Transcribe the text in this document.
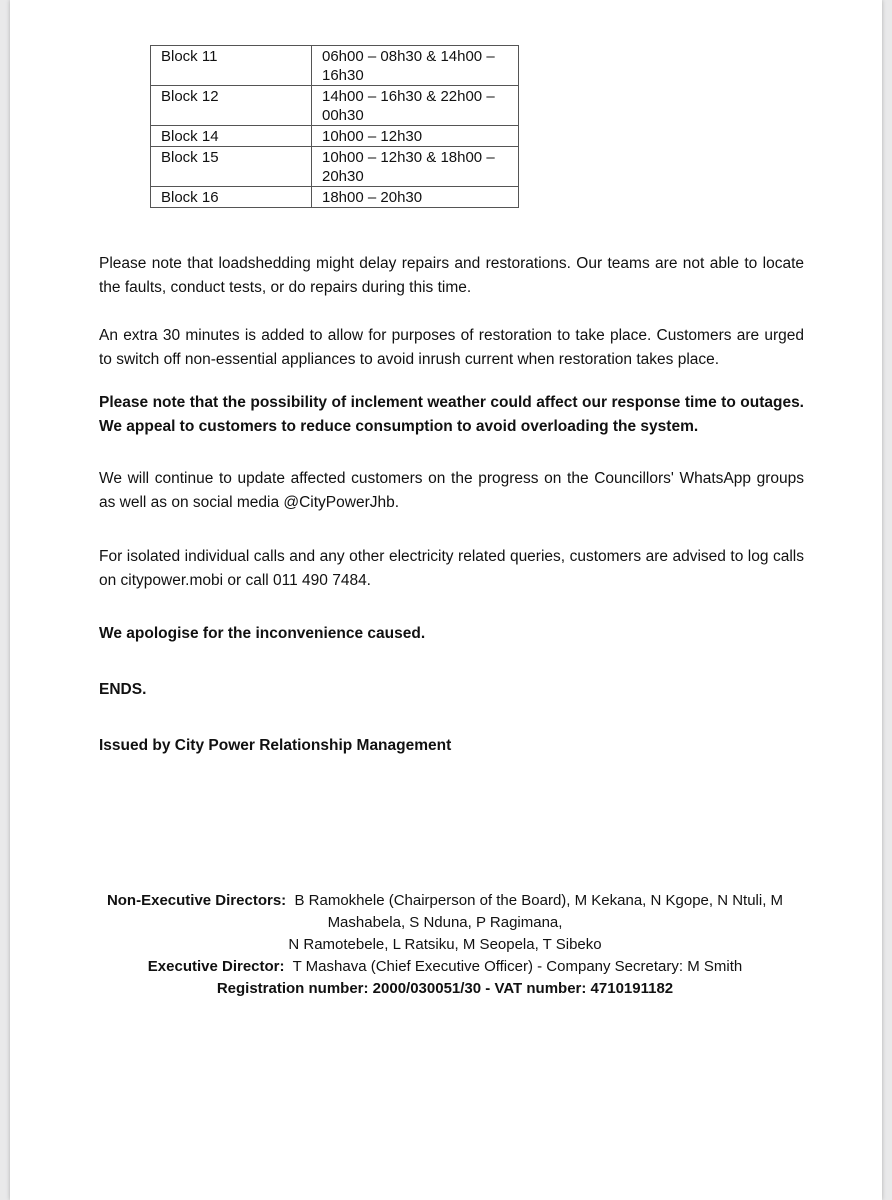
Block 11	06h00 – 08h30 & 14h00 – 16h30
Block 12	14h00 – 16h30 & 22h00 – 00h30
Block 14	10h00 – 12h30
Block 15	10h00 – 12h30 & 18h00 – 20h30
Block 16	18h00 – 20h30

Please note that loadshedding might delay repairs and restorations. Our teams are not able to locate the faults, conduct tests, or do repairs during this time.

An extra 30 minutes is added to allow for purposes of restoration to take place. Customers are urged to switch off non-essential appliances to avoid inrush current when restoration takes place.

Please note that the possibility of inclement weather could affect our response time to outages. We appeal to customers to reduce consumption to avoid overloading the system.

We will continue to update affected customers on the progress on the Councillors' WhatsApp groups as well as on social media @CityPowerJhb.

For isolated individual calls and any other electricity related queries, customers are advised to log calls on citypower.mobi or call 011 490 7484.

We apologise for the inconvenience caused.

ENDS.

Issued by City Power Relationship Management

Non-Executive Directors: B Ramokhele (Chairperson of the Board), M Kekana, N Kgope, N Ntuli, M
Mashabela, S Nduna, P Ragimana,
N Ramotebele, L Ratsiku, M Seopela, T Sibeko
Executive Director: T Mashava (Chief Executive Officer) - Company Secretary: M Smith
Registration number: 2000/030051/30 - VAT number: 4710191182
